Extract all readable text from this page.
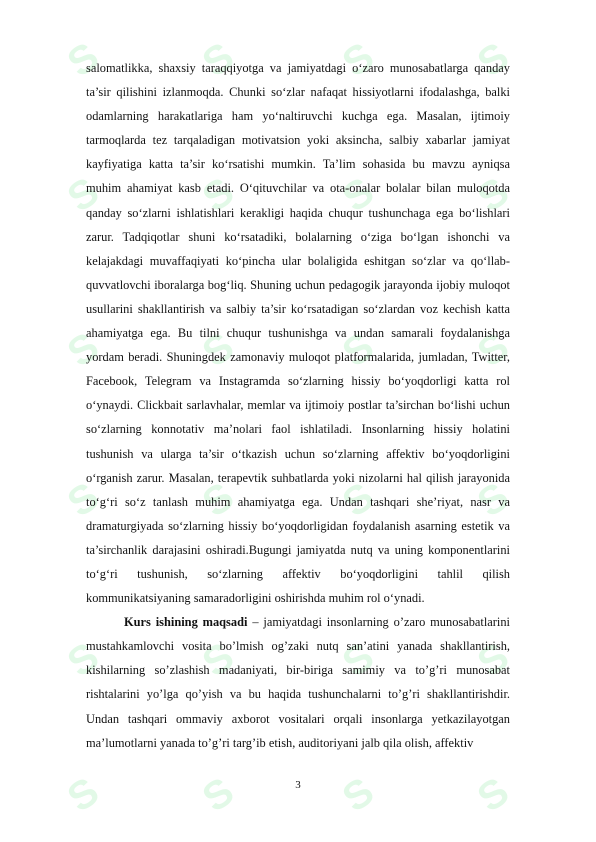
S S S S
S S S S
S S S S
S S S S
S S S S
S S S S

salomatlikka, shaxsiy taraqqiyotga va jamiyatdagi o‘zaro munosabatlarga qanday ta’sir qilishini izlanmoqda. Chunki so‘zlar nafaqat hissiyotlarni ifodalashga, balki odamlarning harakatlariga ham yo‘naltiruvchi kuchga ega. Masalan, ijtimoiy tarmoqlarda tez tarqaladigan motivatsion yoki aksincha, salbiy xabarlar jamiyat kayfiyatiga katta ta’sir ko‘rsatishi mumkin. Ta’lim sohasida bu mavzu ayniqsa muhim ahamiyat kasb etadi. O‘qituvchilar va ota-onalar bolalar bilan muloqotda qanday so‘zlarni ishlatishlari kerakligi haqida chuqur tushunchaga ega bo‘lishlari zarur. Tadqiqotlar shuni ko‘rsatadiki, bolalarning o‘ziga bo‘lgan ishonchi va kelajakdagi muvaffaqiyati ko‘pincha ular bolaligida eshitgan so‘zlar va qo‘llab-quvvatlovchi iboralarga bog‘liq. Shuning uchun pedagogik jarayonda ijobiy muloqot usullarini shakllantirish va salbiy ta’sir ko‘rsatadigan so‘zlardan voz kechish katta ahamiyatga ega. Bu tilni chuqur tushunishga va undan samarali foydalanishga yordam beradi. Shuningdek zamonaviy muloqot platformalarida, jumladan, Twitter, Facebook, Telegram va Instagramda so‘zlarning hissiy bo‘yoqdorligi katta rol o‘ynaydi. Clickbait sarlavhalar, memlar va ijtimoiy postlar ta’sirchan bo‘lishi uchun so‘zlarning konnotativ ma’nolari faol ishlatiladi. Insonlarning hissiy holatini tushunish va ularga ta’sir o‘tkazish uchun so‘zlarning affektiv bo‘yoqdorligini o‘rganish zarur. Masalan, terapevtik suhbatlarda yoki nizolarni hal qilish jarayonida to‘g‘ri so‘z tanlash muhim ahamiyatga ega. Undan tashqari she’riyat, nasr va dramaturgiyada so‘zlarning hissiy bo‘yoqdorligidan foydalanish asarning estetik va ta’sirchanlik darajasini oshiradi.Bugungi jamiyatda nutq va uning komponentlarini to‘g‘ri tushunish, so‘zlarning affektiv bo‘yoqdorligini tahlil qilish kommunikatsiyaning samaradorligini oshirishda muhim rol o‘ynadi.

Kurs ishining maqsadi – jamiyatdagi insonlarning o’zaro munosabatlarini mustahkamlovchi vosita bo’lmish og’zaki nutq san’atini yanada shakllantirish, kishilarning so’zlashish madaniyati, bir-biriga samimiy va to’g’ri munosabat rishtalarini yo’lga qo’yish va bu haqida tushunchalarni to’g’ri shakllantirishdir. Undan tashqari ommaviy axborot vositalari orqali insonlarga yetkazilayotgan ma’lumotlarni yanada to’g’ri targ’ib etish, auditoriyani jalb qila olish, affektiv

3
